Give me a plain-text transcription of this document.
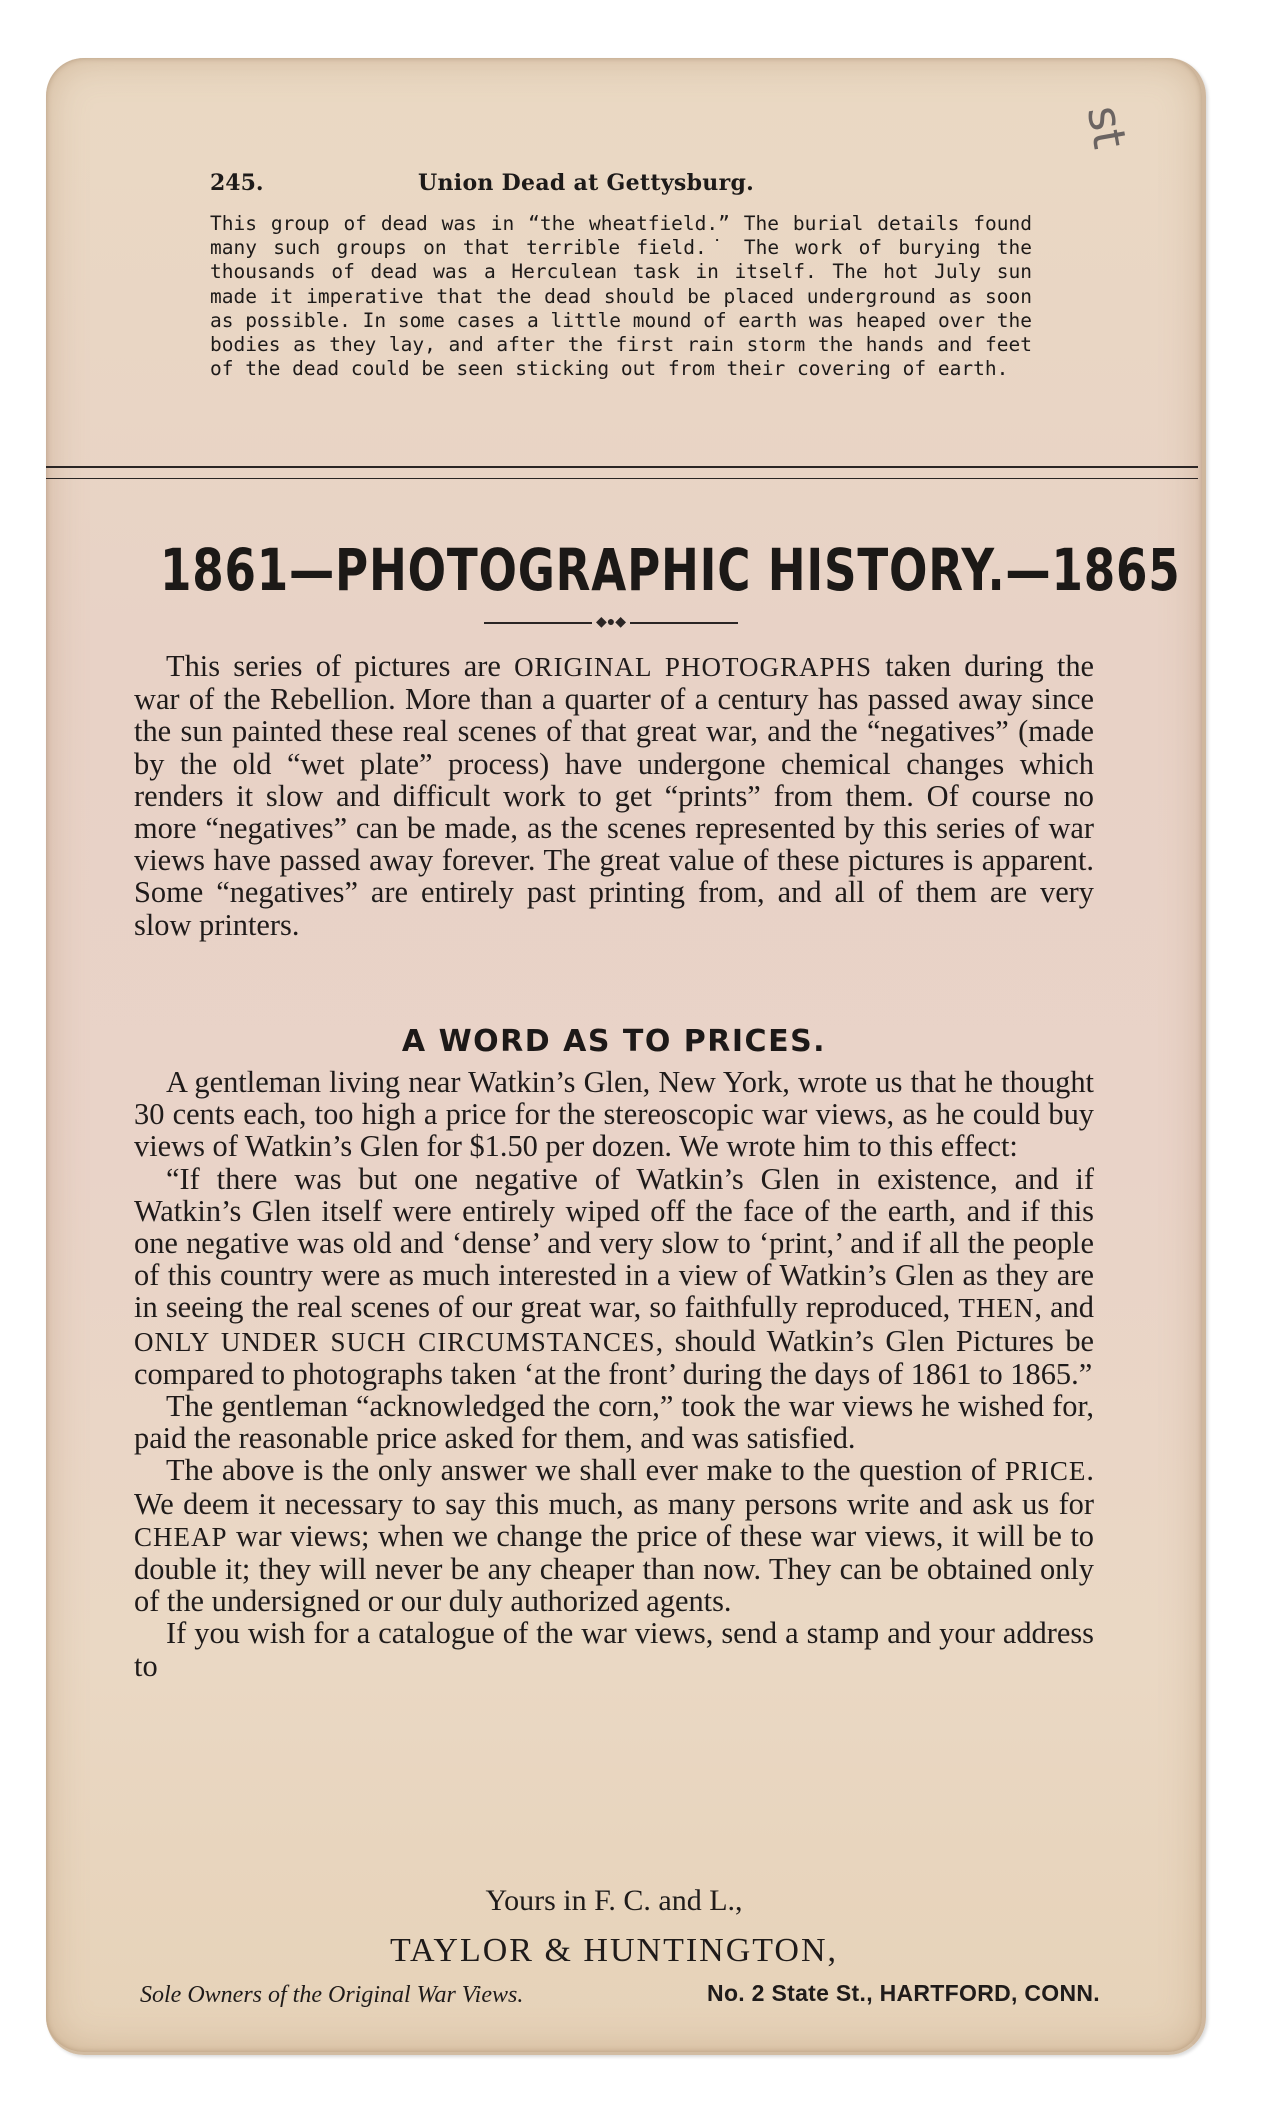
st
245.	Union Dead at Gettysburg.
This group of dead was in “the wheatfield.” The burial details found many such groups on that terrible field.˙ The work of burying the thousands of dead was a Herculean task in itself. The hot July sun made it imperative that the dead should be placed underground as soon as possible. In some cases a little mound of earth was heaped over the bodies as they lay, and after the first rain storm the hands and feet of the dead could be seen sticking out from their covering of earth.
1861—PHOTOGRAPHIC HISTORY.—1865
◆●◆

This series of pictures are ORIGINAL PHOTOGRAPHS taken during the war of the Rebellion. More than a quarter of a century has passed away since the sun painted these real scenes of that great war, and the “negatives” (made by the old “wet plate” process) have undergone chemical changes which renders it slow and difficult work to get “prints” from them. Of course no more “negatives” can be made, as the scenes represented by this series of war views have passed away forever. The great value of these pictures is apparent. Some “negatives” are entirely past printing from, and all of them are very slow printers.

A WORD AS TO PRICES.

A gentleman living near Watkin’s Glen, New York, wrote us that he thought 30 cents each, too high a price for the stereoscopic war views, as he could buy views of Watkin’s Glen for $1.50 per dozen. We wrote him to this effect:

“If there was but one negative of Watkin’s Glen in existence, and if Watkin’s Glen itself were entirely wiped off the face of the earth, and if this one negative was old and ‘dense’ and very slow to ‘print,’ and if all the people of this country were as much interested in a view of Watkin’s Glen as they are in seeing the real scenes of our great war, so faithfully reproduced, THEN, and ONLY UNDER SUCH CIRCUMSTANCES, should Watkin’s Glen Pictures be compared to photographs taken ‘at the front’ during the days of 1861 to 1865.”

The gentleman “acknowledged the corn,” took the war views he wished for, paid the reasonable price asked for them, and was satisfied.

The above is the only answer we shall ever make to the question of PRICE. We deem it necessary to say this much, as many persons write and ask us for CHEAP war views; when we change the price of these war views, it will be to double it; they will never be any cheaper than now. They can be obtained only of the undersigned or our duly authorized agents.

If you wish for a catalogue of the war views, send a stamp and your address to

Yours in F. C. and L.,
TAYLOR & HUNTINGTON,
Sole Owners of the Original War Views.	No. 2 State St., HARTFORD, CONN.
